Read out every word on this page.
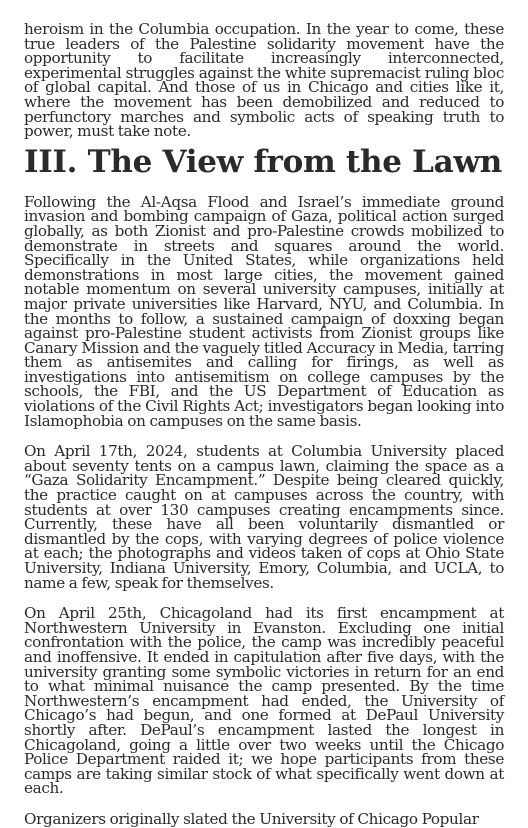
heroism in the Columbia occupation. In the year to come, these true leaders of the Palestine solidarity movement have the opportunity to facilitate increasingly interconnected, experimental struggles against the white supremacist ruling bloc of global capital. And those of us in Chicago and cities like it, where the movement has been demobilized and reduced to perfunctory marches and symbolic acts of speaking truth to power, must take note.

III. The View from the Lawn

Following the Al-Aqsa Flood and Israel’s immediate ground invasion and bombing campaign of Gaza, political action surged globally, as both Zionist and pro-Palestine crowds mobilized to demonstrate in streets and squares around the world. Specifically in the United States, while organizations held demonstrations in most large cities, the movement gained notable momentum on several university campuses, initially at major private universities like Harvard, NYU, and Columbia. In the months to follow, a sustained campaign of doxxing began against pro-Palestine student activists from Zionist groups like Canary Mission and the vaguely titled Accuracy in Media, tarring them as antisemites and calling for firings, as well as investigations into antisemitism on college campuses by the schools, the FBI, and the US Department of Education as violations of the Civil Rights Act; investigators began looking into Islamophobia on campuses on the same basis.

On April 17th, 2024, students at Columbia University placed about seventy tents on a campus lawn, claiming the space as a “Gaza Solidarity Encampment.” Despite being cleared quickly, the practice caught on at campuses across the country, with students at over 130 campuses creating encampments since. Currently, these have all been voluntarily dismantled or dismantled by the cops, with varying degrees of police violence at each; the photographs and videos taken of cops at Ohio State University, Indiana University, Emory, Columbia, and UCLA, to name a few, speak for themselves.

On April 25th, Chicagoland had its first encampment at Northwestern University in Evanston. Excluding one initial confrontation with the police, the camp was incredibly peaceful and inoffensive. It ended in capitulation after five days, with the university granting some symbolic victories in return for an end to what minimal nuisance the camp presented. By the time Northwestern’s encampment had ended, the University of Chicago’s had begun, and one formed at DePaul University shortly after. DePaul’s encampment lasted the longest in Chicagoland, going a little over two weeks until the Chicago Police Department raided it; we hope participants from these camps are taking similar stock of what specifically went down at each.

Organizers originally slated the University of Chicago Popular
